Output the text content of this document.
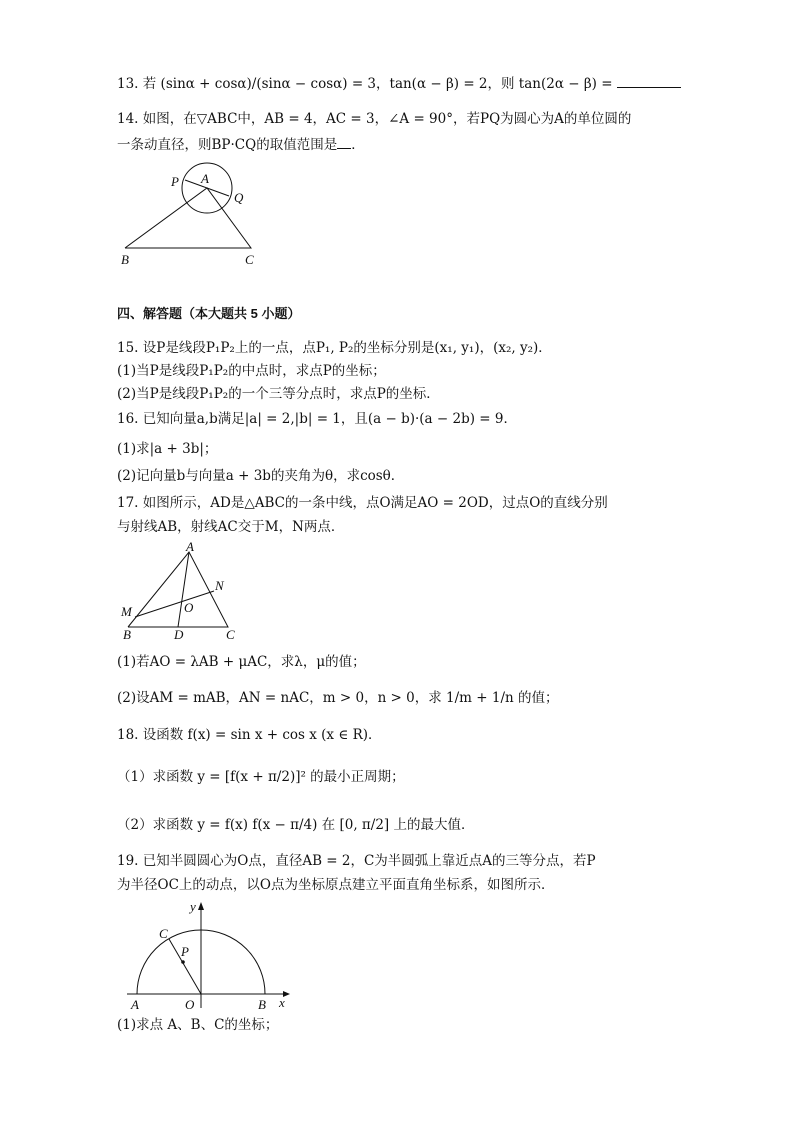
13. 若 (sinα + cosα)/(sinα − cosα) = 3，tan(α − β) = 2，则 tan(2α − β) =
14. 如图，在▽ABC中，AB = 4，AC = 3，∠A = 90°，若PQ为圆心为A的单位圆的
一条动直径，则BP·CQ的取值范围是 ．
P A
Q
B	C
四、解答题（本大题共 5 小题）
15. 设P是线段P₁P₂上的一点，点P₁, P₂的坐标分别是(x₁, y₁)，(x₂, y₂)．
(1)当P是线段P₁P₂的中点时，求点P的坐标；
(2)当P是线段P₁P₂的一个三等分点时，求点P的坐标．
16. 已知向量a,b满足|a| = 2,|b| = 1，且(a − b)·(a − 2b) = 9．
(1)求|a + 3b|；
(2)记向量b与向量a + 3b的夹角为θ，求cosθ．
17. 如图所示，AD是△ABC的一条中线，点O满足AO = 2OD，过点O的直线分别
与射线AB，射线AC交于M，N两点．
A
N
M	O
B	D	C
(1)若AO = λAB + μAC，求λ，μ的值；
(2)设AM = mAB，AN = nAC，m > 0，n > 0，求 1/m + 1/n 的值；
18. 设函数 f(x) = sin x + cos x (x ∈ R)．
（1）求函数 y = [f(x + π/2)]² 的最小正周期；
（2）求函数 y = f(x) f(x − π/4) 在 [0, π/2] 上的最大值．
19. 已知半圆圆心为O点，直径AB = 2，C为半圆弧上靠近点A的三等分点，若P
为半径OC上的动点，以O点为坐标原点建立平面直角坐标系，如图所示．
y
C
P
A	O	B x
(1)求点 A、B、C的坐标；
